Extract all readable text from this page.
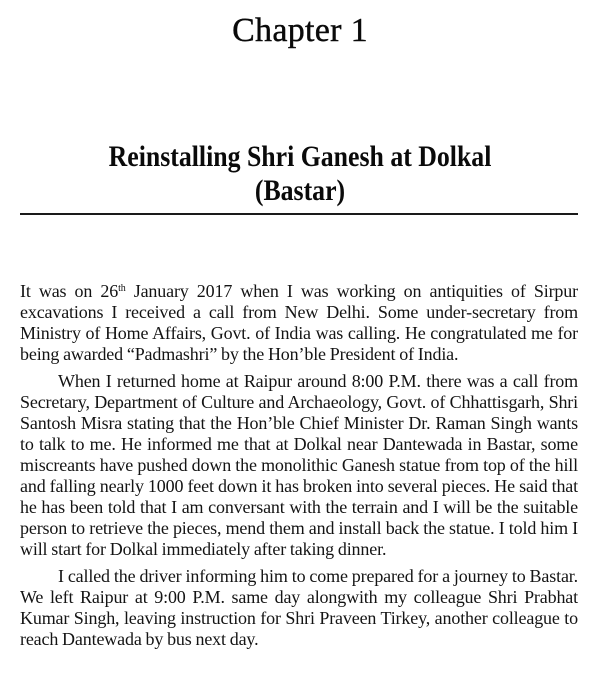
Chapter 1
Reinstalling Shri Ganesh at Dolkal
(Bastar)

It was on 26th January 2017 when I was working on antiquities of Sirpur excavations I received a call from New Delhi. Some under-secretary from Ministry of Home Affairs, Govt. of India was calling. He congratulated me for being awarded “Padmashri” by the Hon’ble President of India.

When I returned home at Raipur around 8:00 P.M. there was a call from Secretary, Department of Culture and Archaeology, Govt. of Chhattisgarh, Shri Santosh Misra stating that the Hon’ble Chief Minister Dr. Raman Singh wants to talk to me. He informed me that at Dolkal near Dantewada in Bastar, some miscreants have pushed down the monolithic Ganesh statue from top of the hill and falling nearly 1000 feet down it has broken into several pieces. He said that he has been told that I am conversant with the terrain and I will be the suitable person to retrieve the pieces, mend them and install back the statue. I told him I will start for Dolkal immediately after taking dinner.

I called the driver informing him to come prepared for a journey to Bastar. We left Raipur at 9:00 P.M. same day alongwith my colleague Shri Prabhat Kumar Singh, leaving instruction for Shri Praveen Tirkey, another colleague to reach Dantewada by bus next day.
